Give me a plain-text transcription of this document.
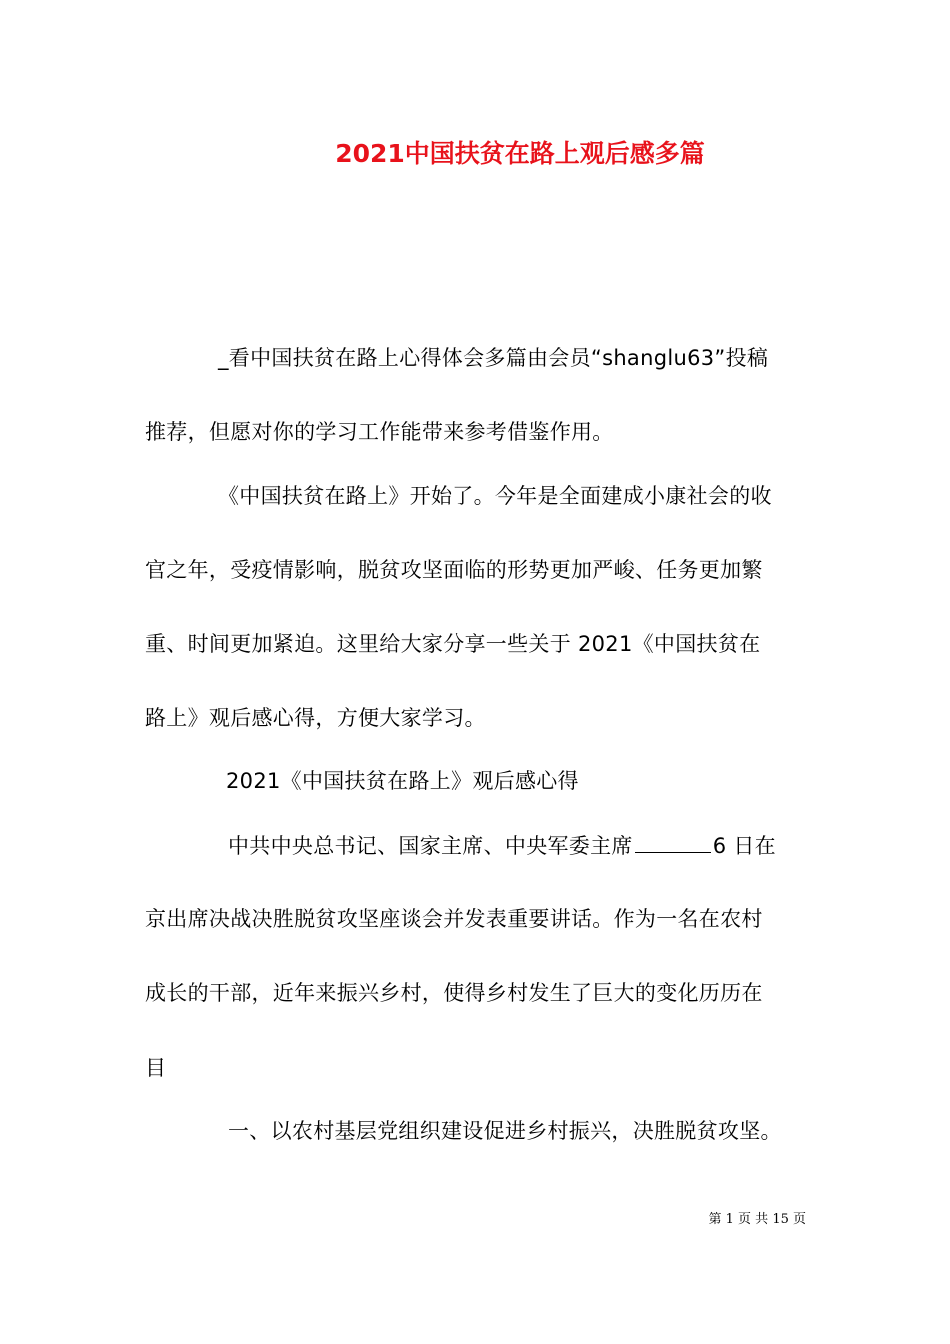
2021中国扶贫在路上观后感多篇
_看中国扶贫在路上心得体会多篇由会员“shanglu63”投稿
推荐，但愿对你的学习工作能带来参考借鉴作用。
《中国扶贫在路上》开始了。今年是全面建成小康社会的收
官之年，受疫情影响，脱贫攻坚面临的形势更加严峻、任务更加繁
重、时间更加紧迫。这里给大家分享一些关于 2021《中国扶贫在
路上》观后感心得，方便大家学习。
2021《中国扶贫在路上》观后感心得
中共中央总书记、国家主席、中央军委主席	6 日在
京出席决战决胜脱贫攻坚座谈会并发表重要讲话。作为一名在农村
成长的干部，近年来振兴乡村，使得乡村发生了巨大的变化历历在
目
一、以农村基层党组织建设促进乡村振兴，决胜脱贫攻坚。
第 1 页 共 15 页
